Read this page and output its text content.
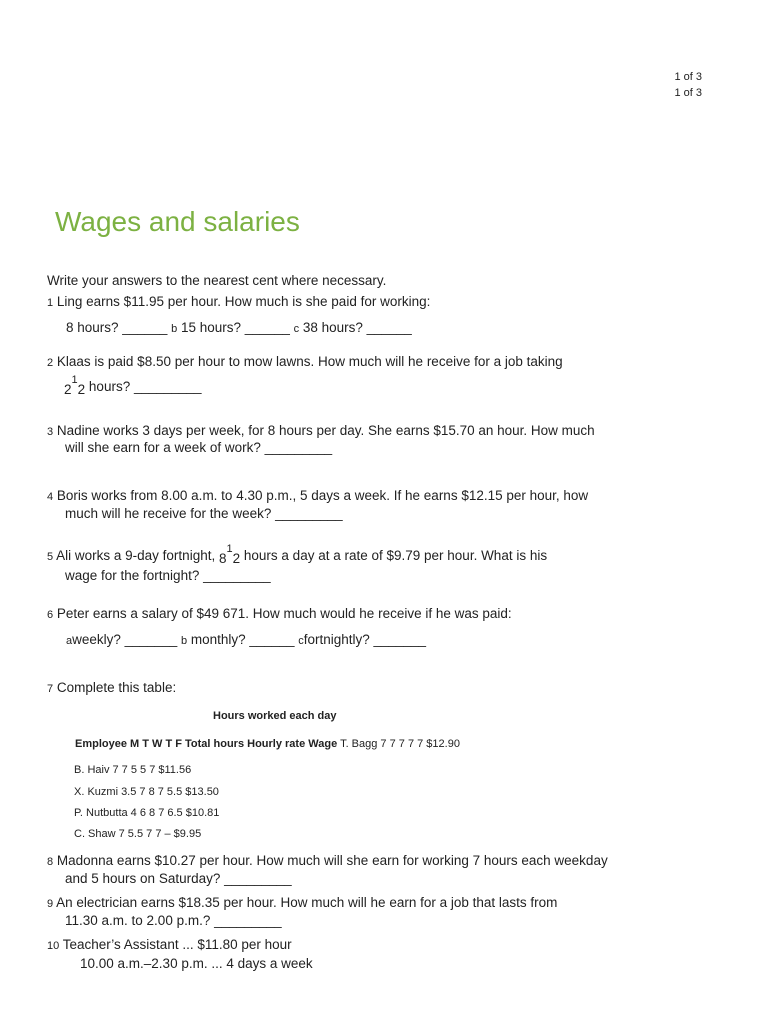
1 of 3
1 of 3
Wages and salaries
Write your answers to the nearest cent where necessary.
1 Ling earns $11.95 per hour. How much is she paid for working:
8 hours? ______ b 15 hours? ______ c 38 hours? ______
2 Klaas is paid $8.50 per hour to mow lawns. How much will he receive for a job taking
$2^12$ hours? _________
3 Nadine works 3 days per week, for 8 hours per day. She earns $15.70 an hour. How much
will she earn for a week of work? _________
4 Boris works from 8.00 a.m. to 4.30 p.m., 5 days a week. If he earns $12.15 per hour, how
much will he receive for the week? _________
5 Ali works a 9-day fortnight, $8^12$ hours a day at a rate of $9.79 per hour. What is his
wage for the fortnight? _________
6 Peter earns a salary of $49 671. How much would he receive if he was paid:
aweekly? _______ b monthly? ______ cfortnightly? _______
7 Complete this table:
Hours worked each day
Employee M T W T F Total hours Hourly rate Wage T. Bagg 7 7 7 7 7 $12.90
B. Haiv 7 7 5 5 7 $11.56
X. Kuzmi 3.5 7 8 7 5.5 $13.50
P. Nutbutta 4 6 8 7 6.5 $10.81
C. Shaw 7 5.5 7 7 – $9.95
8 Madonna earns $10.27 per hour. How much will she earn for working 7 hours each weekday
and 5 hours on Saturday? _________
9 An electrician earns $18.35 per hour. How much will he earn for a job that lasts from
11.30 a.m. to 2.00 p.m.? _________
10 Teacher’s Assistant ... $11.80 per hour
10.00 a.m.–2.30 p.m. ... 4 days a week
